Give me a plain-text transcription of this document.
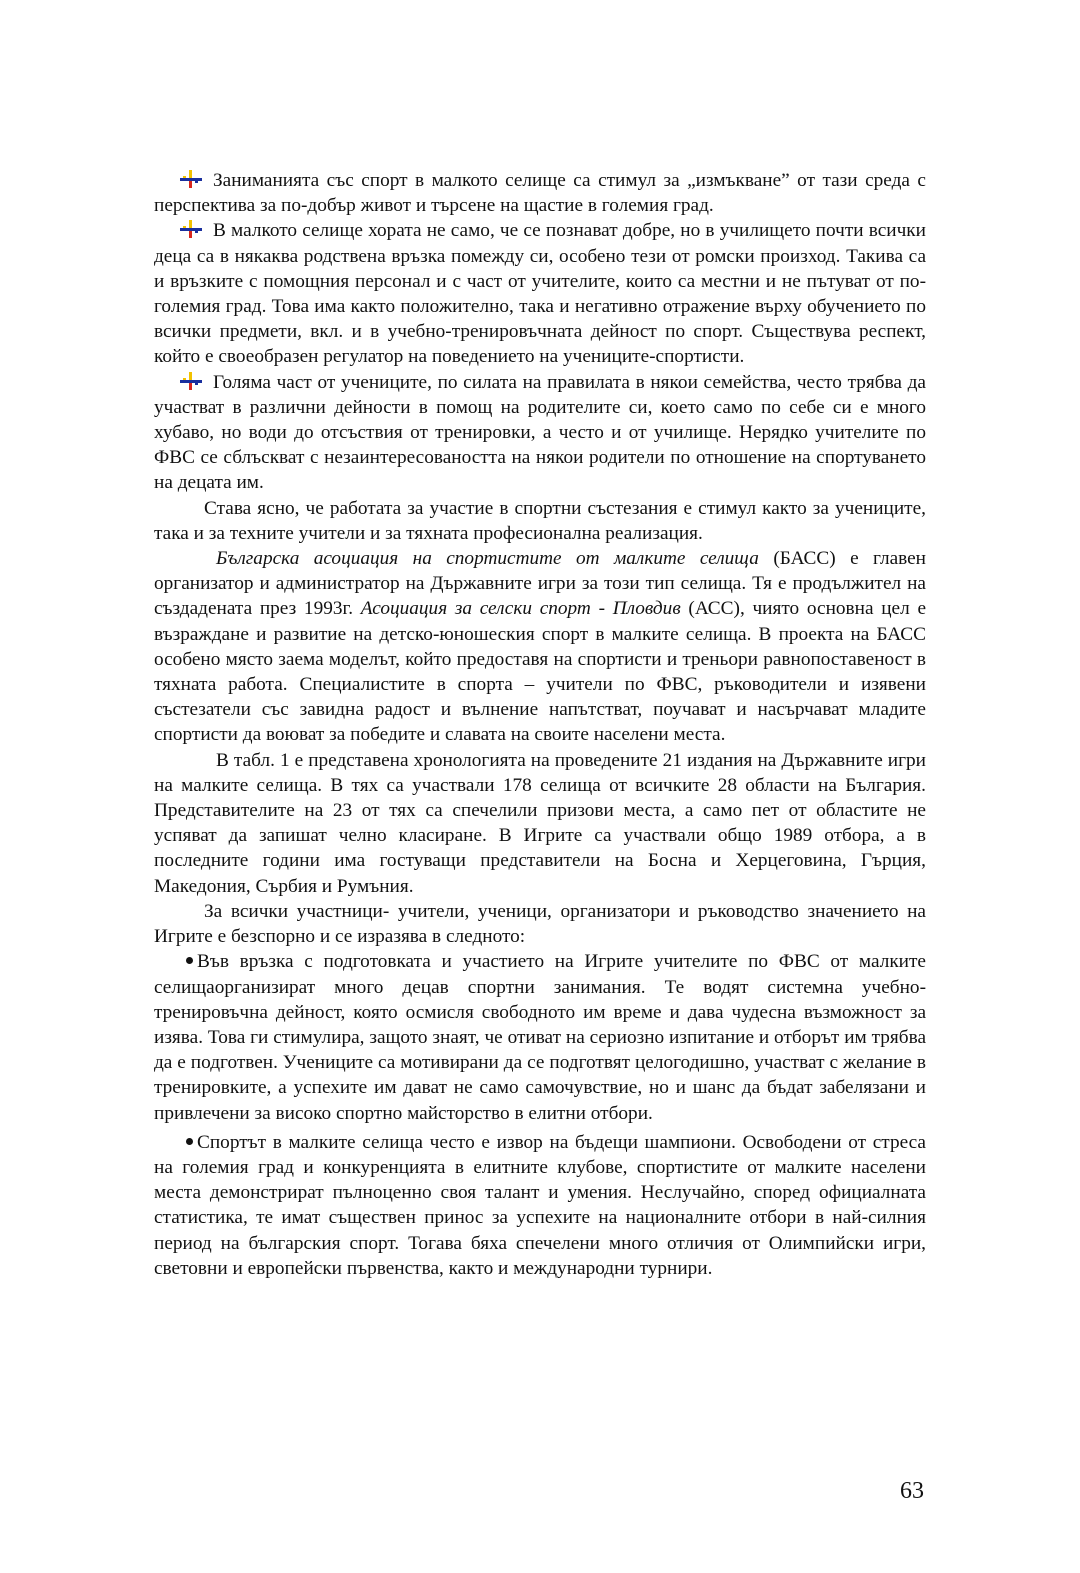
Заниманията със спорт в малкото селище са стимул за „измъкване” от тази среда с перспектива за по-добър живот и търсене на щастие в големия град.

В малкото селище хората не само, че се познават добре, но в училището почти всички деца са в някаква родствена връзка помежду си, особено тези от ромски произход. Такива са и връзките с помощния персонал и с част от учителите, които са местни и не пътуват от по-големия град. Това има както положително, така и негативно отражение върху обучението по всички предмети, вкл. и в учебно-тренировъчната дейност по спорт. Съществува респект, който е своеобразен регулатор на поведението на учениците-спортисти.

Голяма част от учениците, по силата на правилата в някои семейства, често трябва да участват в различни дейности в помощ на родителите си, което само по себе си е много хубаво, но води до отсъствия от тренировки, а често и от училище. Нерядко учителите по ФВС се сблъскват с незаинтересоваността на някои родители по отношение на спортуването на децата им.

Става ясно, че работата за участие в спортни състезания е стимул както за учениците, така и за техните учители и за тяхната професионална реализация.

Българска асоциация на спортистите от малките селища (БАСС) е главен организатор и администратор на Държавните игри за този тип селища. Тя е продължител на създадената през 1993г. Асоциация за селски спорт - Пловдив (АСС), чиято основна цел е възраждане и развитие на детско-юношеския спорт в малките селища. В проекта на БАСС особено място заема моделът, който предоставя на спортисти и треньори равнопоставеност в тяхната работа. Специалистите в спорта – учители по ФВС, ръководители и изявени състезатели със завидна радост и вълнение напътстват, поучават и насърчават младите спортисти да воюват за победите и славата на своите населени места.

В табл. 1 е представена хронологията на проведените 21 издания на Държавните игри на малките селища. В тях са участвали 178 селища от всичките 28 области на България. Представителите на 23 от тях са спечелили призови места, а само пет от областите не успяват да запишат челно класиране. В Игрите са участвали общо 1989 отбора, а в последните години има гостуващи представители на Босна и Херцеговина, Гърция, Македония, Сърбия и Румъния.

За всички участници- учители, ученици, организатори и ръководство значението на Игрите е безспорно и се изразява в следното:

Във връзка с подготовката и участието на Игрите учителите по ФВС от малките селищаорганизират много децав спортни занимания. Те водят системна учебно-тренировъчна дейност, която осмисля свободното им време и дава чудесна възможност за изява. Това ги стимулира, защото знаят, че отиват на сериозно изпитание и отборът им трябва да е подготвен. Учениците са мотивирани да се подготвят целогодишно, участват с желание в тренировките, а успехите им дават не само самочувствие, но и шанс да бъдат забелязани и привлечени за високо спортно майсторство в елитни отбори.

Спортът в малките селища често е извор на бъдещи шампиони. Освободени от стреса на големия град и конкуренцията в елитните клубове, спортистите от малките населени места демонстрират пълноценно своя талант и умения. Неслучайно, според официалната статистика, те имат съществен принос за успехите на националните отбори в най-силния период на българския спорт. Тогава бяха спечелени много отличия от Олимпийски игри, световни и европейски първенства, както и международни турнири.

63
